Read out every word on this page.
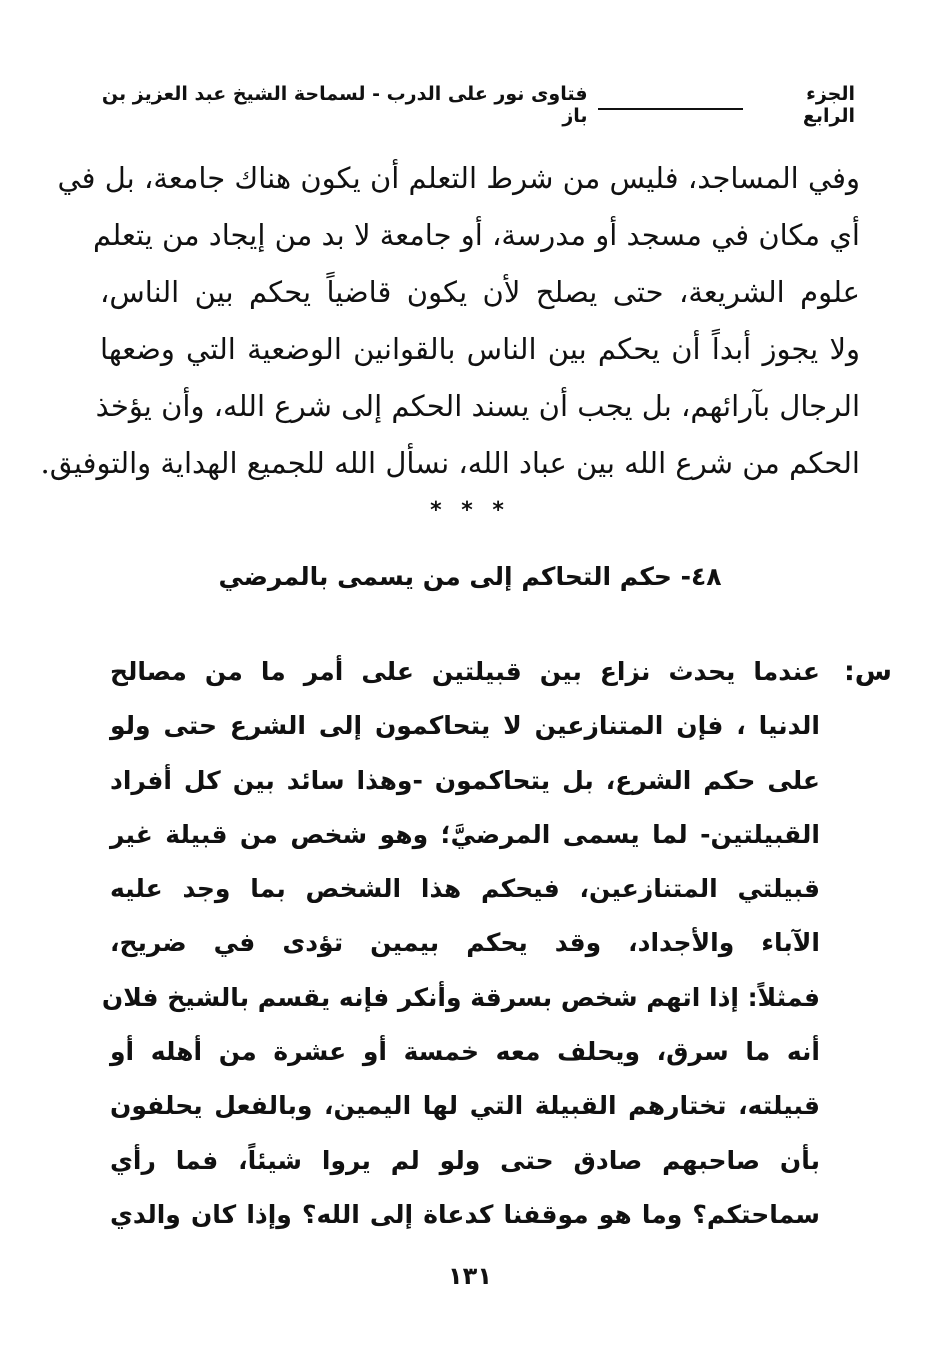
الجزء الرابع
فتاوى نور على الدرب - لسماحة الشيخ عبد العزيز بن باز
وفي المساجد، فليس من شرط التعلم أن يكون هناك جامعة، بل في
أي مكان في مسجد أو مدرسة، أو جامعة لا بد من إيجاد من يتعلم
علوم الشريعة، حتى يصلح لأن يكون قاضياً يحكم بين الناس،
ولا يجوز أبداً أن يحكم بين الناس بالقوانين الوضعية التي وضعها
الرجال بآرائهم، بل يجب أن يسند الحكم إلى شرع الله، وأن يؤخذ
الحكم من شرع الله بين عباد الله، نسأل الله للجميع الهداية والتوفيق.
* * *
٤٨- حكم التحاكم إلى من يسمى بالمرضي
س:
عندما يحدث نزاع بين قبيلتين على أمر ما من مصالح
الدنيا ، فإن المتنازعين لا يتحاكمون إلى الشرع حتى ولو
على حكم الشرع، بل يتحاكمون -وهذا سائد بين كل أفراد
القبيلتين- لما يسمى المرضيَّ؛ وهو شخص من قبيلة غير
قبيلتي المتنازعين، فيحكم هذا الشخص بما وجد عليه
الآباء والأجداد، وقد يحكم بيمين تؤدى في ضريح،
فمثلاً: إذا اتهم شخص بسرقة وأنكر فإنه يقسم بالشيخ فلان
أنه ما سرق، ويحلف معه خمسة أو عشرة من أهله أو
قبيلته، تختارهم القبيلة التي لها اليمين، وبالفعل يحلفون
بأن صاحبهم صادق حتى ولو لم يروا شيئاً، فما رأي
سماحتكم؟ وما هو موقفنا كدعاة إلى الله؟ وإذا كان والدي
١٣١
